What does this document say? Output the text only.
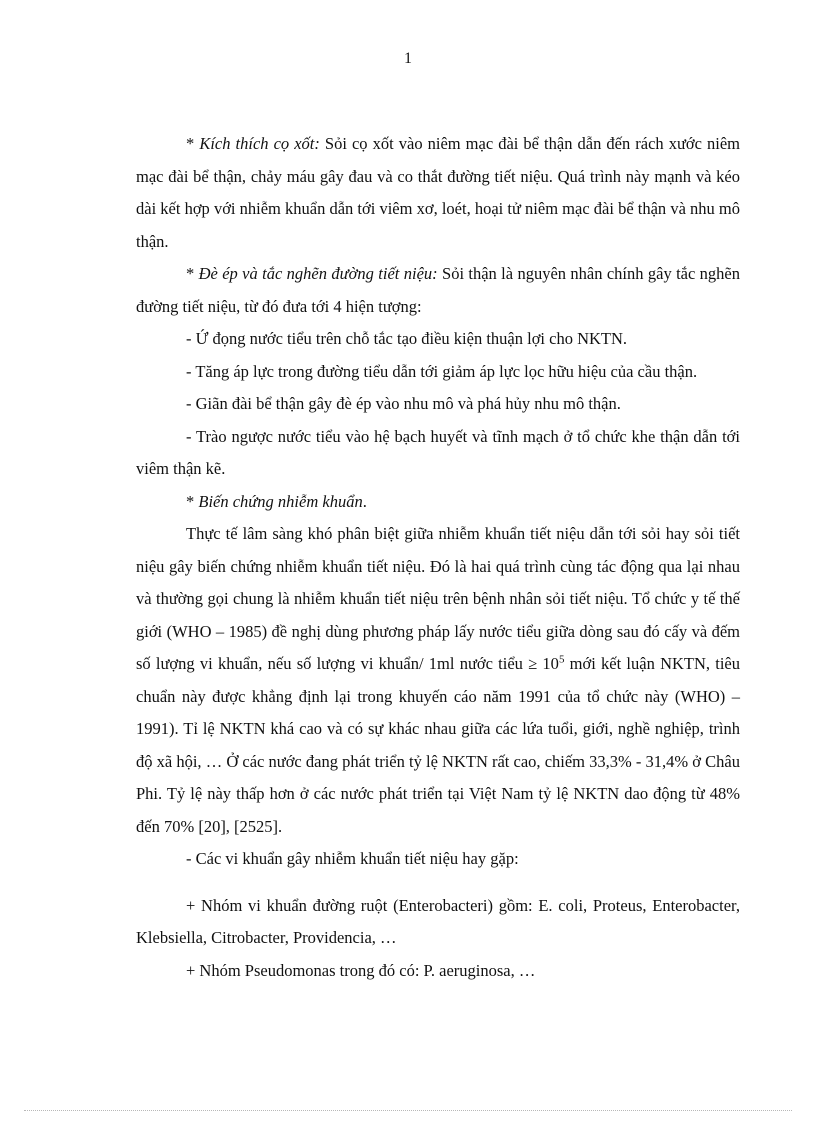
1

* Kích thích cọ xốt: Sỏi cọ xốt vào niêm mạc đài bể thận dẫn đến rách xước niêm mạc đài bể thận, chảy máu gây đau và co thắt đường tiết niệu. Quá trình này mạnh và kéo dài kết hợp với nhiễm khuẩn dẫn tới viêm xơ, loét, hoại tử niêm mạc đài bể thận và nhu mô thận.

* Đè ép và tắc nghẽn đường tiết niệu: Sỏi thận là nguyên nhân chính gây tắc nghẽn đường tiết niệu, từ đó đưa tới 4 hiện tượng:

- Ứ đọng nước tiểu trên chỗ tắc tạo điều kiện thuận lợi cho NKTN.

- Tăng áp lực trong đường tiểu dẫn tới giảm áp lực lọc hữu hiệu của cầu thận.

- Giãn đài bể thận gây đè ép vào nhu mô và phá hủy nhu mô thận.

- Trào ngược nước tiểu vào hệ bạch huyết và tĩnh mạch ở tổ chức khe thận dẫn tới viêm thận kẽ.

* Biến chứng nhiễm khuẩn.

Thực tế lâm sàng khó phân biệt giữa nhiễm khuẩn tiết niệu dẫn tới sỏi hay sỏi tiết niệu gây biến chứng nhiễm khuẩn tiết niệu. Đó là hai quá trình cùng tác động qua lại nhau và thường gọi chung là nhiễm khuẩn tiết niệu trên bệnh nhân sỏi tiết niệu. Tổ chức y tế thế giới (WHO – 1985) đề nghị dùng phương pháp lấy nước tiểu giữa dòng sau đó cấy và đếm số lượng vi khuẩn, nếu số lượng vi khuẩn/ 1ml nước tiểu ≥ $10^5$ mới kết luận NKTN, tiêu chuẩn này được khẳng định lại trong khuyến cáo năm 1991 của tổ chức này (WHO) – 1991). Tỉ lệ NKTN khá cao và có sự khác nhau giữa các lứa tuổi, giới, nghề nghiệp, trình độ xã hội, … Ở các nước đang phát triển tỷ lệ NKTN rất cao, chiếm 33,3% - 31,4% ở Châu Phi. Tỷ lệ này thấp hơn ở các nước phát triển tại Việt Nam tỷ lệ NKTN dao động từ 48% đến 70% [20], [2525].

- Các vi khuẩn gây nhiễm khuẩn tiết niệu hay gặp:

+ Nhóm vi khuẩn đường ruột (Enterobacteri) gồm: E. coli, Proteus, Enterobacter, Klebsiella, Citrobacter, Providencia, …

+ Nhóm Pseudomonas trong đó có: P. aeruginosa, …
